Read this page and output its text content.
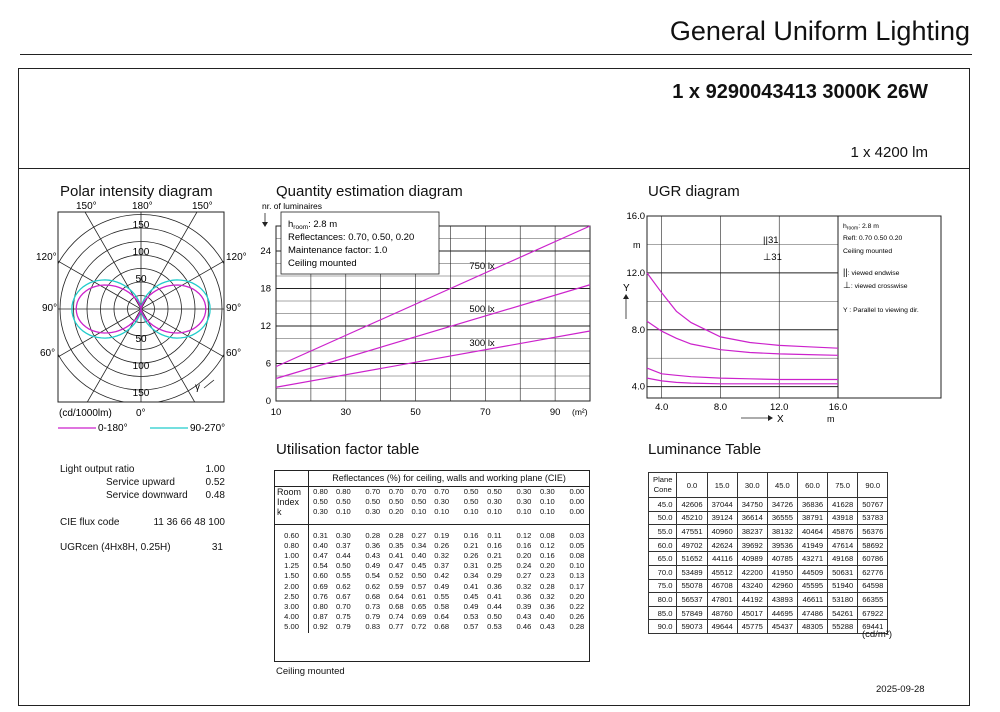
General Uniform Lighting
1 x 9290043413 3000K 26W
1 x 4200 lm
Polar intensity diagram
150°	180°	150°
120°	120°
90°	90°
60°	60°
150
100
50
50
100
150
γ
(cd/1000lm) 0°
0-180°	90-270°
Light output ratio	1.00
Service upward	0.52
Service downward 0.48
CIE flux code	11 36 66 48 100
UGRcen (4Hx8H, 0.25H)	31
Quantity estimation diagram
nr. of luminaires
0
6
12
18
24
10	30	50	70	90
750 lx
500 lx
300 lx
(m²)
$h_{room}$: 2.8 m
Reflectances: 0.70, 0.50, 0.20
Maintenance factor: 1.0
Ceiling mounted
UGR diagram
4.0
8.0
12.0
16.0
4.0	8.0	12.0	16.0
m
Y
X	m
||31
⊥31
$h_{room}$: 2.8 m
Refl: 0.70 0.50 0.20
Ceiling mounted
||: viewed endwise
⊥: viewed crosswise
Y : Parallel to viewing dir.
Utilisation factor table
	Reflectances (%) for ceiling, walls and working plane (CIE)										
Room	0.80	0.80	0.70	0.70	0.70	0.70	0.50	0.50	0.30	0.30	0.00
Index	0.50	0.50	0.50	0.50	0.50	0.30	0.50	0.30	0.30	0.10	0.00
k	0.30	0.10	0.30	0.20	0.10	0.10	0.10	0.10	0.10	0.10	0.00
0.60	0.31	0.30	0.28	0.28	0.27	0.19	0.16	0.11	0.12	0.08	0.03
0.80	0.40	0.37	0.36	0.35	0.34	0.26	0.21	0.16	0.16	0.12	0.05
1.00	0.47	0.44	0.43	0.41	0.40	0.32	0.26	0.21	0.20	0.16	0.08
1.25	0.54	0.50	0.49	0.47	0.45	0.37	0.31	0.25	0.24	0.20	0.10
1.50	0.60	0.55	0.54	0.52	0.50	0.42	0.34	0.29	0.27	0.23	0.13
2.00	0.69	0.62	0.62	0.59	0.57	0.49	0.41	0.36	0.32	0.28	0.17
2.50	0.76	0.67	0.68	0.64	0.61	0.55	0.45	0.41	0.36	0.32	0.20
3.00	0.80	0.70	0.73	0.68	0.65	0.58	0.49	0.44	0.39	0.36	0.22
4.00	0.87	0.75	0.79	0.74	0.69	0.64	0.53	0.50	0.43	0.40	0.26
5.00	0.92	0.79	0.83	0.77	0.72	0.68	0.57	0.53	0.46	0.43	0.28
Ceiling mounted
Luminance Table
Plane
Cone	0.0	15.0	30.0	45.0	60.0	75.0	90.0
45.0	42606	37044	34750	34726	36836	41628	50767
50.0	45210	39124	36614	36555	38791	43918	53783
55.0	47551	40960	38237	38132	40464	45876	56376
60.0	49702	42624	39692	39536	41949	47614	58692
65.0	51652	44116	40989	40785	43271	49168	60786
70.0	53489	45512	42200	41950	44509	50631	62776
75.0	55078	46708	43240	42960	45595	51940	64598
80.0	56537	47801	44192	43893	46611	53180	66355
85.0	57849	48760	45017	44695	47486	54261	67922
90.0	59073	49644	45775	45437	48305	55288	69441
(cd/m²)
2025-09-28
